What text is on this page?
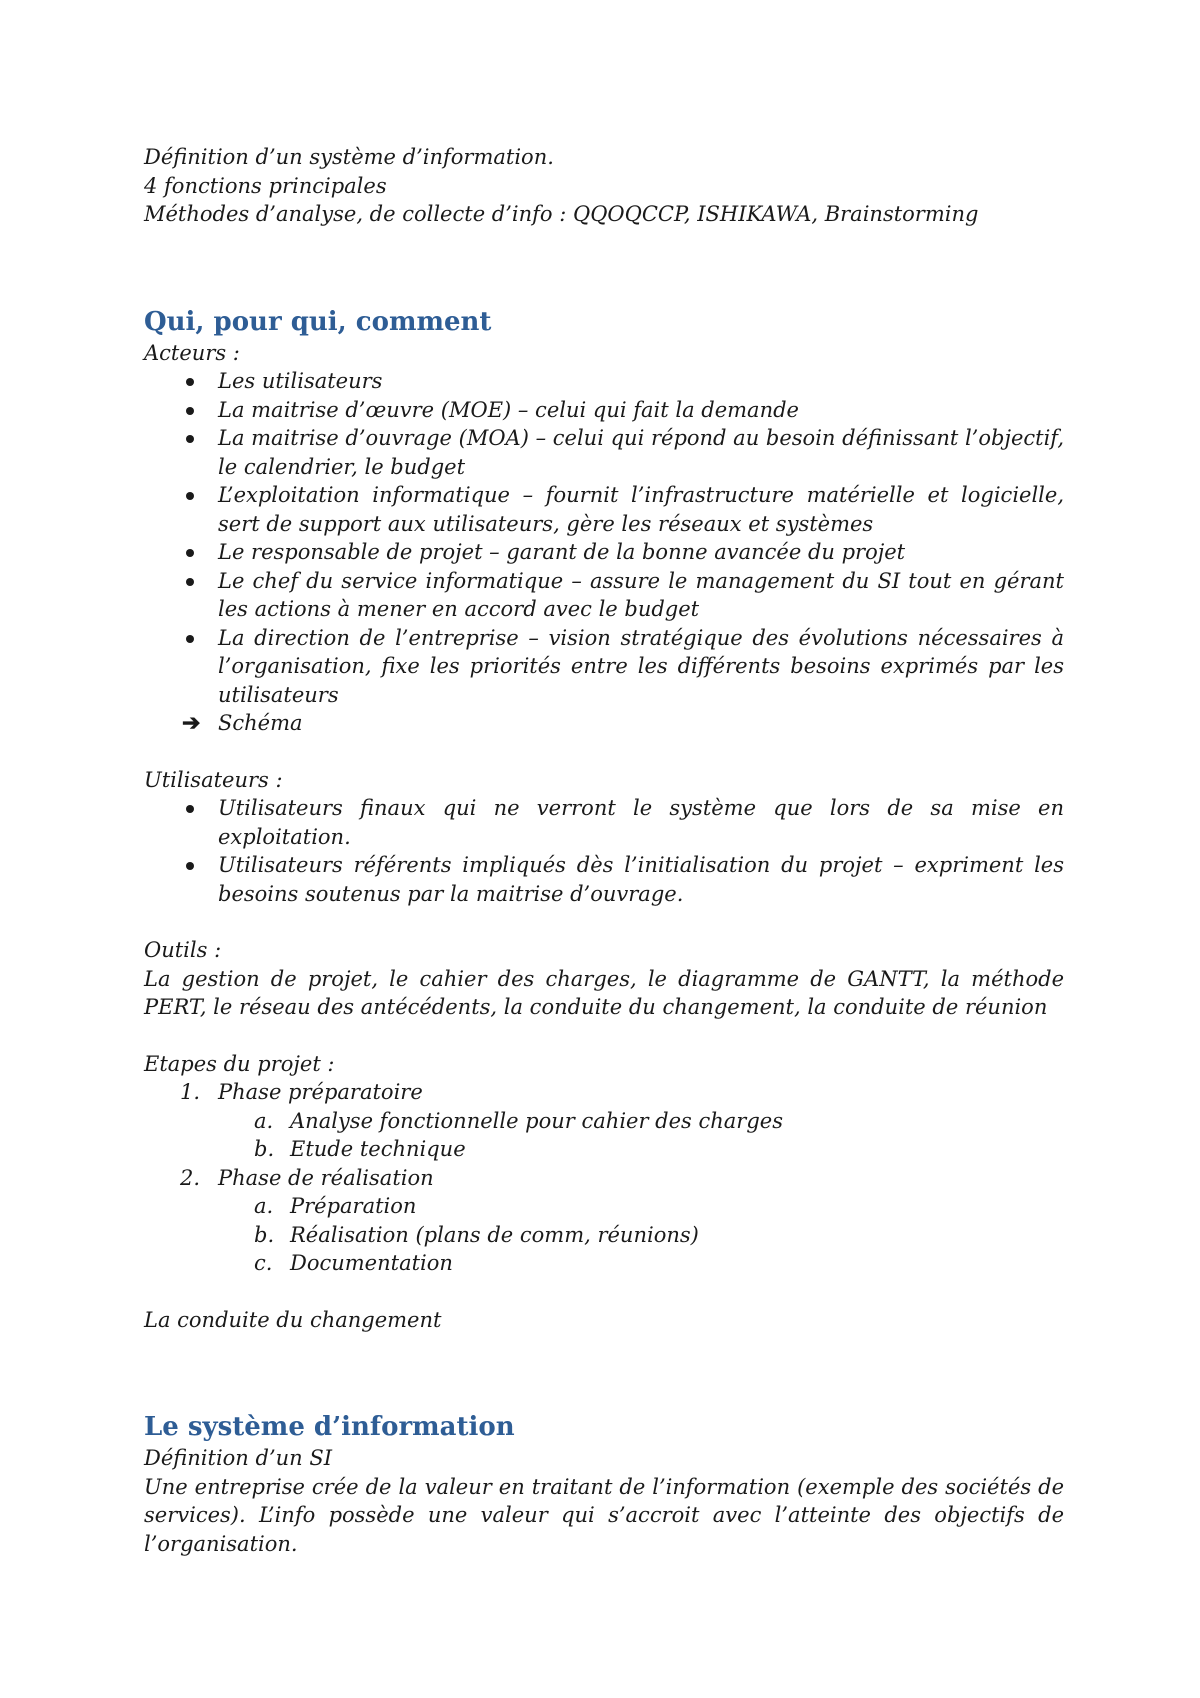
Définition d’un système d’information.

4 fonctions principales

Méthodes d’analyse, de collecte d’info : QQOQCCP, ISHIKAWA, Brainstorming

Qui, pour qui, comment

Acteurs :

Les utilisateurs
La maitrise d’œuvre (MOE) – celui qui fait la demande
La maitrise d’ouvrage (MOA) – celui qui répond au besoin définissant l’objectif, le calendrier, le budget
L’exploitation informatique – fournit l’infrastructure matérielle et logicielle, sert de support aux utilisateurs, gère les réseaux et systèmes
Le responsable de projet – garant de la bonne avancée du projet
Le chef du service informatique – assure le management du SI tout en gérant les actions à mener en accord avec le budget
La direction de l’entreprise – vision stratégique des évolutions nécessaires à l’organisation, fixe les priorités entre les différents besoins exprimés par les utilisateurs
➔ Schéma

Utilisateurs :

Utilisateurs finaux qui ne verront le système que lors de sa mise en exploitation.
Utilisateurs référents impliqués dès l’initialisation du projet – expriment les besoins soutenus par la maitrise d’ouvrage.

Outils :

La gestion de projet, le cahier des charges, le diagramme de GANTT, la méthode PERT, le réseau des antécédents, la conduite du changement, la conduite de réunion

Etapes du projet :

1. Phase préparatoire
a. Analyse fonctionnelle pour cahier des charges
b. Etude technique
2. Phase de réalisation
a. Préparation
b. Réalisation (plans de comm, réunions)
c. Documentation

La conduite du changement

Le système d’information

Définition d’un SI

Une entreprise crée de la valeur en traitant de l’information (exemple des sociétés de services). L’info possède une valeur qui s’accroit avec l’atteinte des objectifs de l’organisation.
